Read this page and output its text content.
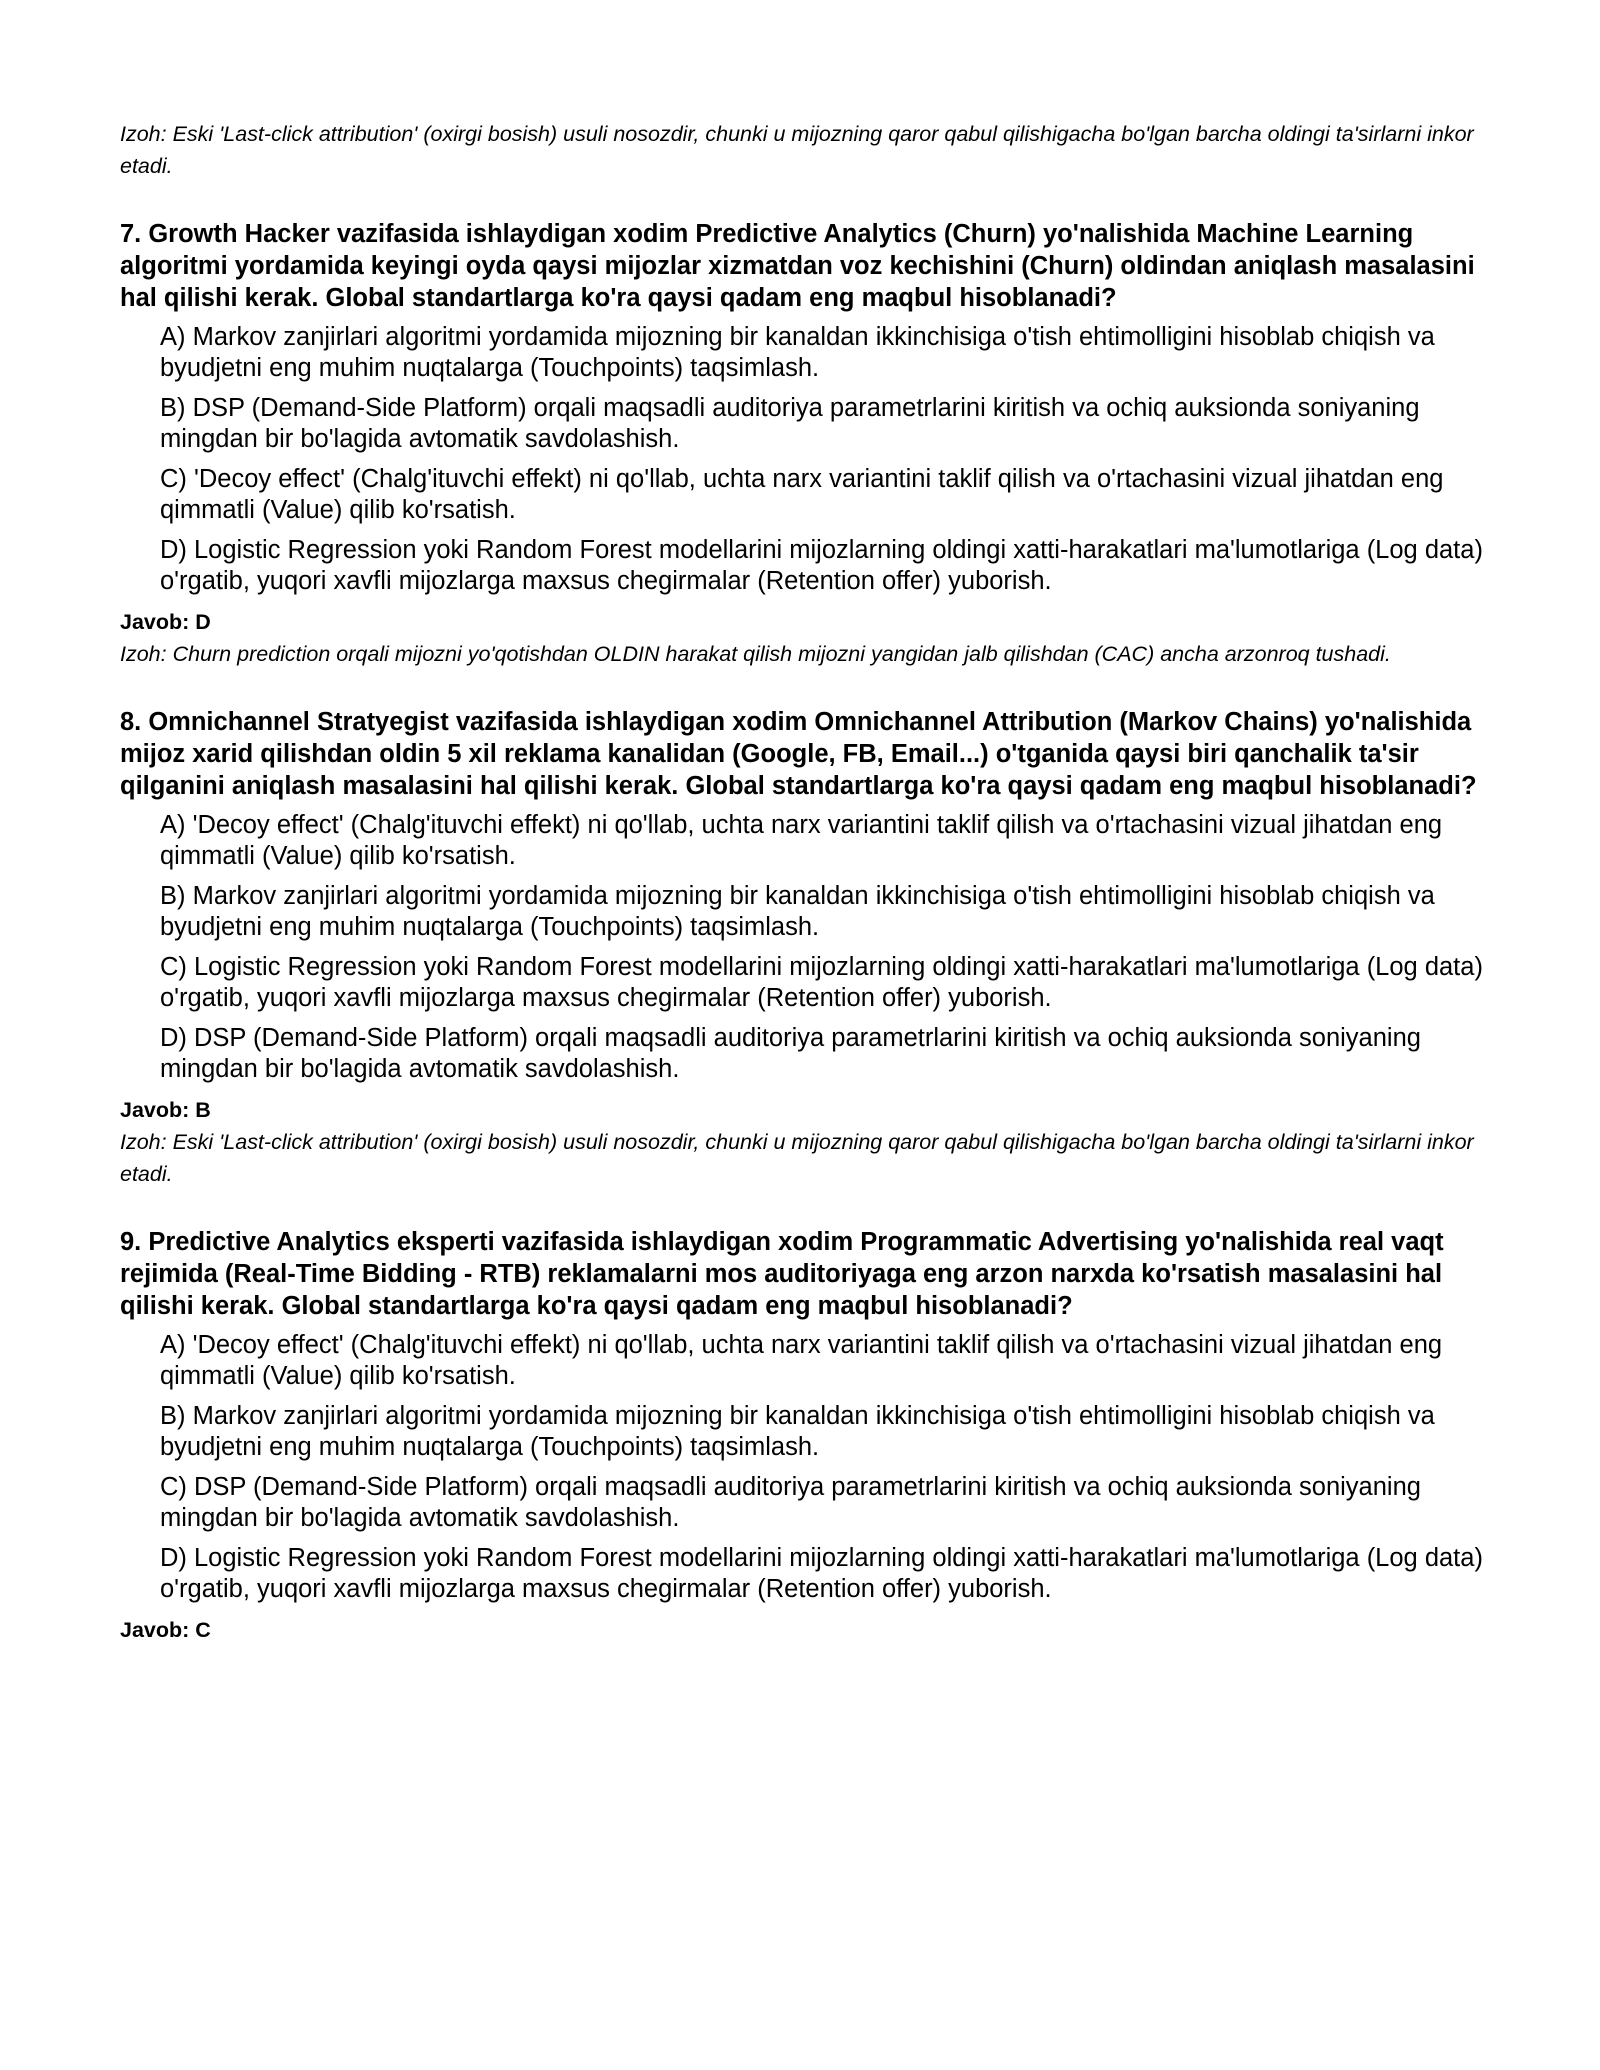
Izoh: Eski 'Last-click attribution' (oxirgi bosish) usuli nosozdir, chunki u mijozning qaror qabul qilishigacha bo'lgan barcha oldingi ta'sirlarni inkor etadi.

7. Growth Hacker vazifasida ishlaydigan xodim Predictive Analytics (Churn) yo'nalishida Machine Learning algoritmi yordamida keyingi oyda qaysi mijozlar xizmatdan voz kechishini (Churn) oldindan aniqlash masalasini hal qilishi kerak. Global standartlarga ko'ra qaysi qadam eng maqbul hisoblanadi?

A) Markov zanjirlari algoritmi yordamida mijozning bir kanaldan ikkinchisiga o'tish ehtimolligini hisoblab chiqish va byudjetni eng muhim nuqtalarga (Touchpoints) taqsimlash.

B) DSP (Demand-Side Platform) orqali maqsadli auditoriya parametrlarini kiritish va ochiq auksionda soniyaning mingdan bir bo'lagida avtomatik savdolashish.

C) 'Decoy effect' (Chalg'ituvchi effekt) ni qo'llab, uchta narx variantini taklif qilish va o'rtachasini vizual jihatdan eng qimmatli (Value) qilib ko'rsatish.

D) Logistic Regression yoki Random Forest modellarini mijozlarning oldingi xatti-harakatlari ma'lumotlariga (Log data) o'rgatib, yuqori xavfli mijozlarga maxsus chegirmalar (Retention offer) yuborish.

Javob: D

Izoh: Churn prediction orqali mijozni yo'qotishdan OLDIN harakat qilish mijozni yangidan jalb qilishdan (CAC) ancha arzonroq tushadi.

8. Omnichannel Stratyegist vazifasida ishlaydigan xodim Omnichannel Attribution (Markov Chains) yo'nalishida mijoz xarid qilishdan oldin 5 xil reklama kanalidan (Google, FB, Email...) o'tganida qaysi biri qanchalik ta'sir qilganini aniqlash masalasini hal qilishi kerak. Global standartlarga ko'ra qaysi qadam eng maqbul hisoblanadi?

A) 'Decoy effect' (Chalg'ituvchi effekt) ni qo'llab, uchta narx variantini taklif qilish va o'rtachasini vizual jihatdan eng qimmatli (Value) qilib ko'rsatish.

B) Markov zanjirlari algoritmi yordamida mijozning bir kanaldan ikkinchisiga o'tish ehtimolligini hisoblab chiqish va byudjetni eng muhim nuqtalarga (Touchpoints) taqsimlash.

C) Logistic Regression yoki Random Forest modellarini mijozlarning oldingi xatti-harakatlari ma'lumotlariga (Log data) o'rgatib, yuqori xavfli mijozlarga maxsus chegirmalar (Retention offer) yuborish.

D) DSP (Demand-Side Platform) orqali maqsadli auditoriya parametrlarini kiritish va ochiq auksionda soniyaning mingdan bir bo'lagida avtomatik savdolashish.

Javob: B

Izoh: Eski 'Last-click attribution' (oxirgi bosish) usuli nosozdir, chunki u mijozning qaror qabul qilishigacha bo'lgan barcha oldingi ta'sirlarni inkor etadi.

9. Predictive Analytics eksperti vazifasida ishlaydigan xodim Programmatic Advertising yo'nalishida real vaqt rejimida (Real-Time Bidding - RTB) reklamalarni mos auditoriyaga eng arzon narxda ko'rsatish masalasini hal qilishi kerak. Global standartlarga ko'ra qaysi qadam eng maqbul hisoblanadi?

A) 'Decoy effect' (Chalg'ituvchi effekt) ni qo'llab, uchta narx variantini taklif qilish va o'rtachasini vizual jihatdan eng qimmatli (Value) qilib ko'rsatish.

B) Markov zanjirlari algoritmi yordamida mijozning bir kanaldan ikkinchisiga o'tish ehtimolligini hisoblab chiqish va byudjetni eng muhim nuqtalarga (Touchpoints) taqsimlash.

C) DSP (Demand-Side Platform) orqali maqsadli auditoriya parametrlarini kiritish va ochiq auksionda soniyaning mingdan bir bo'lagida avtomatik savdolashish.

D) Logistic Regression yoki Random Forest modellarini mijozlarning oldingi xatti-harakatlari ma'lumotlariga (Log data) o'rgatib, yuqori xavfli mijozlarga maxsus chegirmalar (Retention offer) yuborish.

Javob: C
